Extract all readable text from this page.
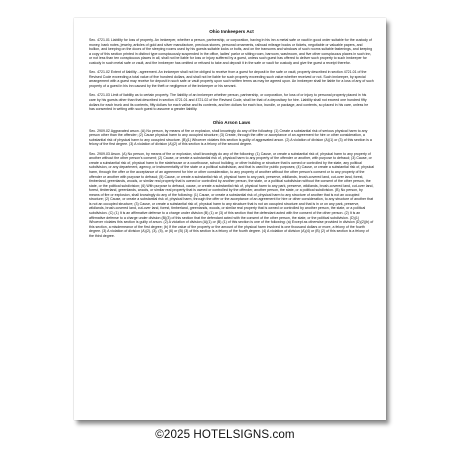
Ohio Innkeepers Act

Sec. 4721.01 Liability for loss of property. An innkeeper, whether a person, partnership, or corporation, having in his inn a metal safe or vault in good order suitable for the custody of money, bank notes, jewelry, articles of gold and silver manufacture, precious stones, personal ornaments, railroad mileage books or tickets, negotiable or valuable papers, and bullion, and keeping on the doors of the sleeping rooms used by his guests suitable locks or bolts, and on the transoms and windows of such rooms suitable fastenings, and keeping a copy of this section printed in distinct type conspicuously suspended in the office, ladies' parlor or sitting room, barroom, washroom, and five other conspicuous places in such inn, or not less than ten conspicuous places in all, shall not be liable for loss or injury suffered by a guest, unless such guest has offered to deliver such property to such innkeeper for custody in such metal safe or vault, and the innkeeper has omitted or refused to take and deposit it in the safe or vault for custody and give the guest a receipt therefor.

Sec. 4721.02 Extent of liability - agreement. An innkeeper shall not be obliged to receive from a guest for deposit in the safe or vault, property described in section 4721.01 of the Revised Code exceeding a total value of five hundred dollars, and shall not be liable for such property exceeding such value whether received or not. Such innkeeper, by special arrangement with a guest may receive for deposit in such safe or vault property upon such written terms as may be agreed upon. An innkeeper shall be liable for a loss of any of such property of a guest in his inn caused by the theft or negligence of the innkeeper or his servant.

Sec. 4721.03 Limit of liability as to certain property. The liability of an innkeeper whether person, partnership, or corporation, for loss of or injury to personal property placed in his care by his guests other than that described in section 4721.01 and 4721.02 of the Revised Code, shall be that of a depositary for hire. Liability shall not exceed one hundred fifty dollars for each trunk and its contents, fifty dollars for each valise and its contents, and ten dollars for each box, bundle, or package, and contents, so placed in his care, unless he has consented in writing with such guest to assume a greater liability.

Ohio Arson Laws

Sec. 2909.02 Aggravated arson. (A) No person, by means of fire or explosion, shall knowingly do any of the following: (1) Create a substantial risk of serious physical harm to any person other than the offender; (2) Cause physical harm to any occupied structure; (3) Create, through the offer or acceptance of an agreement for hire or other consideration, a substantial risk of physical harm to any occupied structure. (B)(1) Whoever violates this section is guilty of aggravated arson. (2) A violation of division (A)(1) or (3) of this section is a felony of the first degree. (3) A violation of division (A)(2) of this section is a felony of the second degree.

Sec. 2909.03 Arson. (A) No person, by means of fire or explosion, shall knowingly do any of the following: (1) Cause, or create a substantial risk of, physical harm to any property of another without the other person's consent; (2) Cause, or create a substantial risk of, physical harm to any property of the offender or another, with purpose to defraud; (3) Cause, or create a substantial risk of, physical harm to the statehouse or a courthouse, school building, or other building or structure that is owned or controlled by the state, any political subdivision, or any department, agency, or instrumentality of the state or a political subdivision, and that is used for public purposes; (4) Cause, or create a substantial risk of, physical harm, through the offer or the acceptance of an agreement for hire or other consideration, to any property of another without the other person's consent or to any property of the offender or another with purpose to defraud; (5) Cause, or create a substantial risk of, physical harm to any park, preserve, wildlands, brush-covered land, cut-over land, forest, timberland, greenlands, woods, or similar real property that is owned or controlled by another person, the state, or a political subdivision without the consent of the other person, the state, or the political subdivision; (6) With purpose to defraud, cause, or create a substantial risk of, physical harm to any park, preserve, wildlands, brush-covered land, cut-over land, forest, timberland, greenlands, woods, or similar real property that is owned or controlled by the offender, another person, the state, or a political subdivision. (B) No person, by means of fire or explosion, shall knowingly do any of the following: (1) Cause, or create a substantial risk of, physical harm to any structure of another that is not an occupied structure; (2) Cause, or create a substantial risk of, physical harm, through the offer or the acceptance of an agreement for hire or other consideration, to any structure of another that is not an occupied structure; (3) Cause, or create a substantial risk of, physical harm to any structure that is not an occupied structure and that is in or on any park, preserve, wildlands, brush-covered land, cut-over land, forest, timberland, greenlands, woods, or similar real property that is owned or controlled by another person, the state, or a political subdivision. (C) (1) It is an affirmative defense to a charge under division (B) (1) or (3) of this section that the defendant acted with the consent of the other person. (2) It is an affirmative defense to a charge under division (B)(3) of this section that the defendant acted with the consent of the other person, the state, or the political subdivision. (D)(1) Whoever violates this section is guilty of arson. (2) A violation of division (A)(1) or (B) (1) of this section is one of the following: (a) Except as otherwise provided in division (D)(2)(b) of this section, a misdemeanor of the first degree; (b) If the value of the property or the amount of the physical harm involved is one thousand dollars or more, a felony of the fourth degree. (3) A violation of division (A)(2), (3), (5), or (6) or (B) (3) of this section is a felony of the fourth degree. (4) A violation of division (A)(4) or (B) (2) of this section is a felony of the third degree.

©2025 HOTELSIGNS.com
